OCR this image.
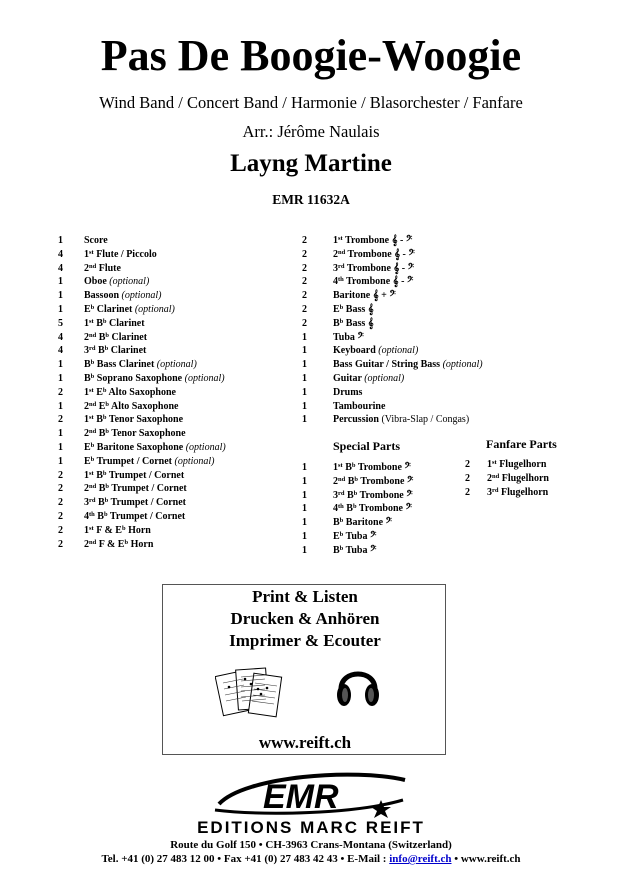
Pas De Boogie-Woogie
Wind Band / Concert Band / Harmonie / Blasorchester / Fanfare
Arr.: Jérôme Naulais
Layng Martine
EMR 11632A
1 Score
4 1st Flute / Piccolo
4 2nd Flute
1 Oboe (optional)
1 Bassoon (optional)
1 $E^b$ Clarinet (optional)
5 1st $B^b$ Clarinet
4 2nd $B^b$ Clarinet
4 3rd $B^b$ Clarinet
1 $B^b$ Bass Clarinet (optional)
1 $B^b$ Soprano Saxophone (optional)
2 1st $E^b$ Alto Saxophone
1 2nd $E^b$ Alto Saxophone
2 1st $B^b$ Tenor Saxophone
1 2nd $B^b$ Tenor Saxophone
1 $E^b$ Baritone Saxophone (optional)
1 $E^b$ Trumpet / Cornet (optional)
2 1st $B^b$ Trumpet / Cornet
2 2nd $B^b$ Trumpet / Cornet
2 3rd $B^b$ Trumpet / Cornet
2 4th $B^b$ Trumpet / Cornet
2 1st F & $E^b$ Horn
2 2nd F & $E^b$ Horn
2	1st Trombone 𝄞 - 𝄢
2	2nd Trombone 𝄞 - 𝄢
2	3rd Trombone 𝄞 - 𝄢
2	4th Trombone 𝄞 - 𝄢
2	Baritone 𝄞 + 𝄢
2	$E^b$ Bass 𝄞
2	$B^b$ Bass 𝄞
1	Tuba 𝄢
1	Keyboard (optional)
1	Bass Guitar / String Bass (optional)
1	Guitar (optional)
1	Drums
1	Tambourine
1	Percussion (Vibra-Slap / Congas)
Special Parts
1	1st $B^b$ Trombone 𝄢
1	2nd $B^b$ Trombone 𝄢
1	3rd $B^b$ Trombone 𝄢
1	4th $B^b$ Trombone 𝄢
1	$B^b$ Baritone 𝄢
1	$E^b$ Tuba 𝄢
1	$B^b$ Tuba 𝄢
Fanfare Parts
2 1st Flugelhorn
2 2nd Flugelhorn
2 3rd Flugelhorn
Print & Listen
Drucken & Anhören
Imprimer & Ecouter
www.reift.ch
EMR
EDITIONS MARC REIFT
Route du Golf 150 • CH-3963 Crans-Montana (Switzerland)
Tel. +41 (0) 27 483 12 00 • Fax +41 (0) 27 483 42 43 • E-Mail : info@reift.ch • www.reift.ch
